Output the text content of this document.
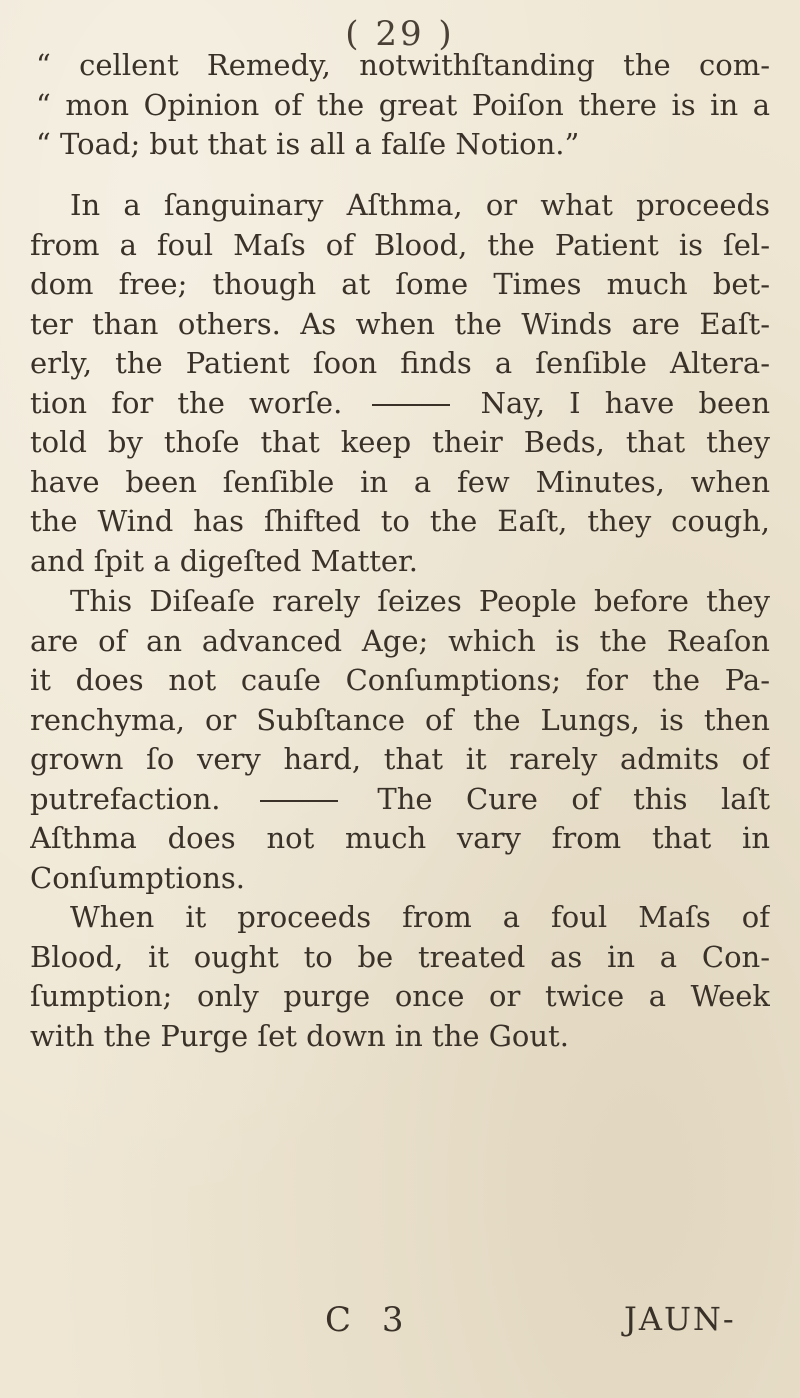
( 29 )
“ cellent Remedy, notwithſtanding the com-
“ mon Opinion of the great Poiſon there is in a
“ Toad; but that is all a falſe Notion.”
In a ſanguinary Aſthma, or what proceeds
from a foul Maſs of Blood, the Patient is ſel-
dom free; though at ſome Times much bet-
ter than others. As when the Winds are Eaſt-
erly, the Patient ſoon finds a ſenſible Altera-
tion for the worſe.	Nay, I have been
told by thoſe that keep their Beds, that they
have been ſenſible in a few Minutes, when
the Wind has ſhifted to the Eaſt, they cough,
and ſpit a digeſted Matter.
This Diſeaſe rarely ſeizes People before they
are of an advanced Age; which is the Reaſon
it does not cauſe Conſumptions; for the Pa-
renchyma, or Subſtance of the Lungs, is then
grown ſo very hard, that it rarely admits of
putrefaction.	The Cure of this laſt
Aſthma does not much vary from that in
Conſumptions.
When it proceeds from a foul Maſs of
Blood, it ought to be treated as in a Con-
ſumption; only purge once or twice a Week
with the Purge ſet down in the Gout.
C 3	JAUN-
